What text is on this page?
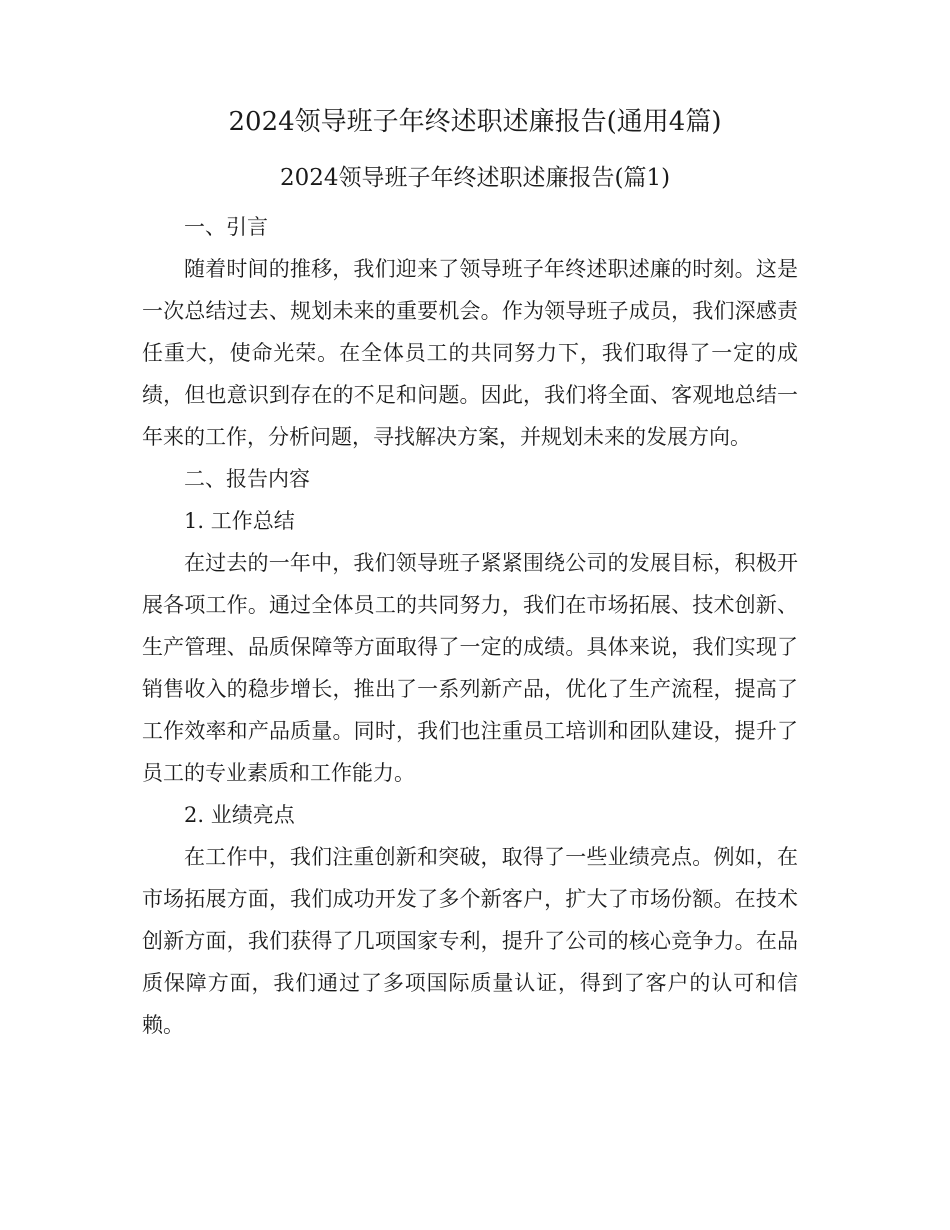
2024领导班子年终述职述廉报告(通用4篇)
2024领导班子年终述职述廉报告(篇1)

一、引言

随着时间的推移，我们迎来了领导班子年终述职述廉的时刻。这是一次总结过去、规划未来的重要机会。作为领导班子成员，我们深感责任重大，使命光荣。在全体员工的共同努力下，我们取得了一定的成绩，但也意识到存在的不足和问题。因此，我们将全面、客观地总结一年来的工作，分析问题，寻找解决方案，并规划未来的发展方向。

二、报告内容

1. 工作总结

在过去的一年中，我们领导班子紧紧围绕公司的发展目标，积极开展各项工作。通过全体员工的共同努力，我们在市场拓展、技术创新、生产管理、品质保障等方面取得了一定的成绩。具体来说，我们实现了销售收入的稳步增长，推出了一系列新产品，优化了生产流程，提高了工作效率和产品质量。同时，我们也注重员工培训和团队建设，提升了员工的专业素质和工作能力。

2. 业绩亮点

在工作中，我们注重创新和突破，取得了一些业绩亮点。例如，在市场拓展方面，我们成功开发了多个新客户，扩大了市场份额。在技术创新方面，我们获得了几项国家专利，提升了公司的核心竞争力。在品质保障方面，我们通过了多项国际质量认证，得到了客户的认可和信赖。
